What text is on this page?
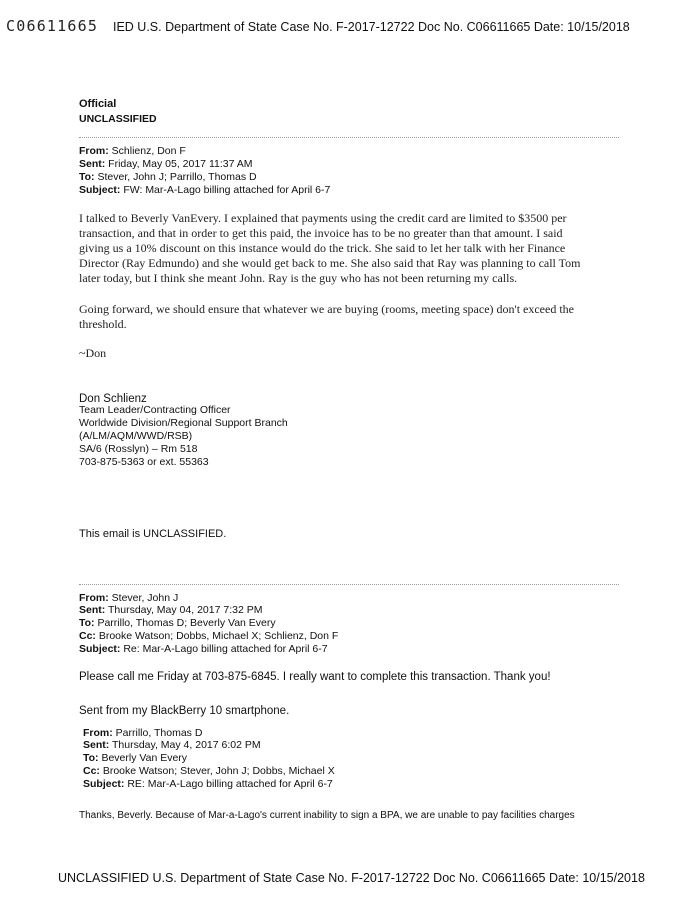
C06611665 IED U.S. Department of State Case No. F-2017-12722 Doc No. C06611665 Date: 10/15/2018
Official
UNCLASSIFIED
From: Schlienz, Don F
Sent: Friday, May 05, 2017 11:37 AM
To: Stever, John J; Parrillo, Thomas D
Subject: FW: Mar-A-Lago billing attached for April 6-7
I talked to Beverly VanEvery. I explained that payments using the credit card are limited to $3500 per
transaction, and that in order to get this paid, the invoice has to be no greater than that amount. I said
giving us a 10% discount on this instance would do the trick. She said to let her talk with her Finance
Director (Ray Edmundo) and she would get back to me. She also said that Ray was planning to call Tom
later today, but I think she meant John. Ray is the guy who has not been returning my calls.
Going forward, we should ensure that whatever we are buying (rooms, meeting space) don't exceed the
threshold.
~Don
Don Schlienz
Team Leader/Contracting Officer
Worldwide Division/Regional Support Branch
(A/LM/AQM/WWD/RSB)
SA/6 (Rosslyn) – Rm 518
703-875-5363 or ext. 55363
This email is UNCLASSIFIED.
From: Stever, John J
Sent: Thursday, May 04, 2017 7:32 PM
To: Parrillo, Thomas D; Beverly Van Every
Cc: Brooke Watson; Dobbs, Michael X; Schlienz, Don F
Subject: Re: Mar-A-Lago billing attached for April 6-7
Please call me Friday at 703-875-6845. I really want to complete this transaction. Thank you!
Sent from my BlackBerry 10 smartphone.
From: Parrillo, Thomas D
Sent: Thursday, May 4, 2017 6:02 PM
To: Beverly Van Every
Cc: Brooke Watson; Stever, John J; Dobbs, Michael X
Subject: RE: Mar-A-Lago billing attached for April 6-7
Thanks, Beverly. Because of Mar-a-Lago's current inability to sign a BPA, we are unable to pay facilities charges
UNCLASSIFIED U.S. Department of State Case No. F-2017-12722 Doc No. C06611665 Date: 10/15/2018
